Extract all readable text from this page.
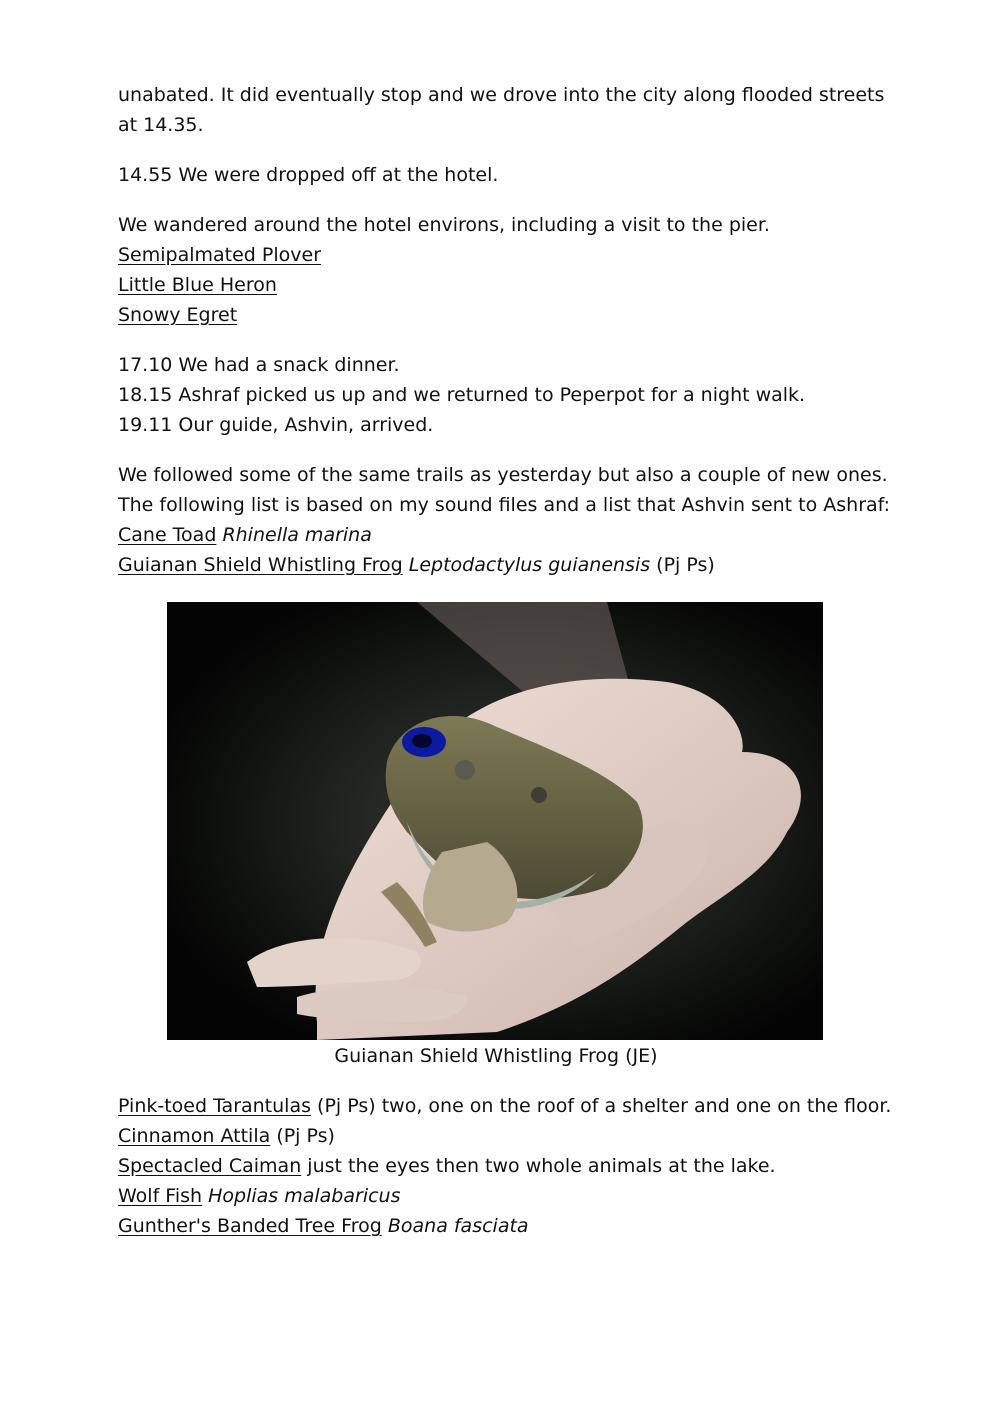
unabated. It did eventually stop and we drove into the city along flooded streets
at 14.35.

14.55 We were dropped off at the hotel.

We wandered around the hotel environs, including a visit to the pier.
Semipalmated Plover
Little Blue Heron
Snowy Egret

17.10 We had a snack dinner.
18.15 Ashraf picked us up and we returned to Peperpot for a night walk.
19.11 Our guide, Ashvin, arrived.

We followed some of the same trails as yesterday but also a couple of new ones.
The following list is based on my sound files and a list that Ashvin sent to Ashraf:
Cane Toad Rhinella marina
Guianan Shield Whistling Frog Leptodactylus guianensis (Pj Ps)

Guianan Shield Whistling Frog (JE)
Pink-toed Tarantulas (Pj Ps) two, one on the roof of a shelter and one on the floor.
Cinnamon Attila (Pj Ps)
Spectacled Caiman just the eyes then two whole animals at the lake.
Wolf Fish Hoplias malabaricus
Gunther's Banded Tree Frog Boana fasciata
